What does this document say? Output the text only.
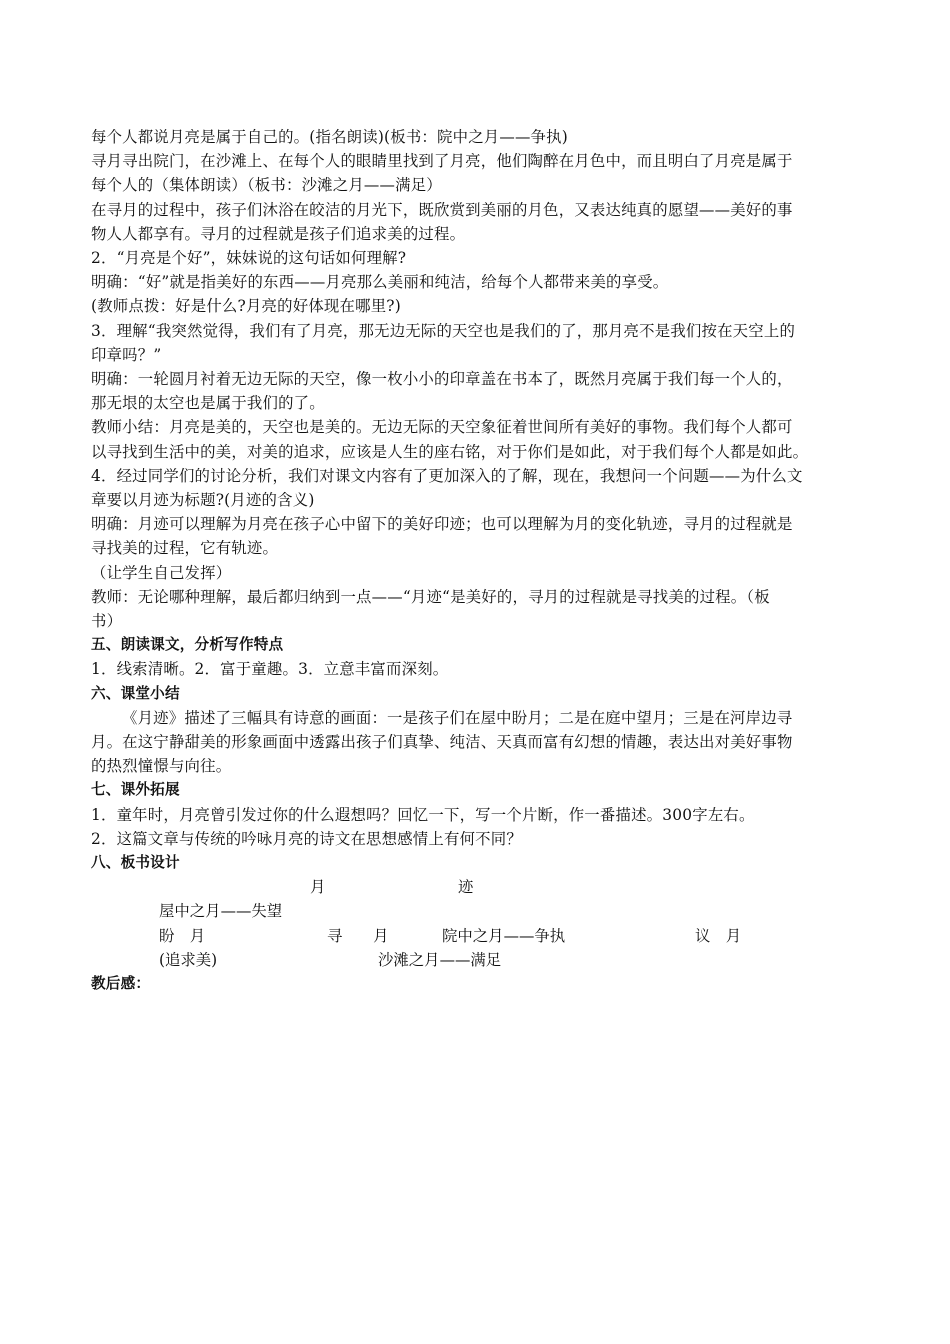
每个人都说月亮是属于自己的。(指名朗读)(板书：院中之月——争执)
寻月寻出院门，在沙滩上、在每个人的眼睛里找到了月亮，他们陶醉在月色中，而且明白了月亮是属于
每个人的（集体朗读）（板书：沙滩之月——满足）
在寻月的过程中，孩子们沐浴在皎洁的月光下，既欣赏到美丽的月色，又表达纯真的愿望——美好的事
物人人都享有。寻月的过程就是孩子们追求美的过程。
2．“月亮是个好”，妹妹说的这句话如何理解?
明确：“好”就是指美好的东西——月亮那么美丽和纯洁，给每个人都带来美的享受。
(教师点拨：好是什么?月亮的好体现在哪里?)
3．理解“我突然觉得，我们有了月亮，那无边无际的天空也是我们的了，那月亮不是我们按在天空上的
印章吗？”
明确：一轮圆月衬着无边无际的天空，像一枚小小的印章盖在书本了，既然月亮属于我们每一个人的，
那无垠的太空也是属于我们的了。
教师小结：月亮是美的，天空也是美的。无边无际的天空象征着世间所有美好的事物。我们每个人都可
以寻找到生活中的美，对美的追求，应该是人生的座右铭，对于你们是如此，对于我们每个人都是如此。
4．经过同学们的讨论分析，我们对课文内容有了更加深入的了解，现在，我想问一个问题——为什么文
章要以月迹为标题?(月迹的含义)
明确：月迹可以理解为月亮在孩子心中留下的美好印迹；也可以理解为月的变化轨迹，寻月的过程就是
寻找美的过程，它有轨迹。
（让学生自己发挥）
教师：无论哪种理解，最后都归纳到一点——“月迹“是美好的，寻月的过程就是寻找美的过程。（板
书）
五、朗读课文，分析写作特点
1．线索清晰。2．富于童趣。3．立意丰富而深刻。
六、课堂小结
《月迹》描述了三幅具有诗意的画面：一是孩子们在屋中盼月；二是在庭中望月；三是在河岸边寻
月。在这宁静甜美的形象画面中透露出孩子们真挚、纯洁、天真而富有幻想的情趣，表达出对美好事物
的热烈憧憬与向往。
七、课外拓展
1．童年时，月亮曾引发过你的什么遐想吗？回忆一下，写一个片断，作一番描述。300字左右。
2．这篇文章与传统的吟咏月亮的诗文在思想感情上有何不同？
八、板书设计
月	迹
屋中之月——失望
盼　月	寻　　月	院中之月——争执	议　月
(追求美)	沙滩之月——满足
教后感：
